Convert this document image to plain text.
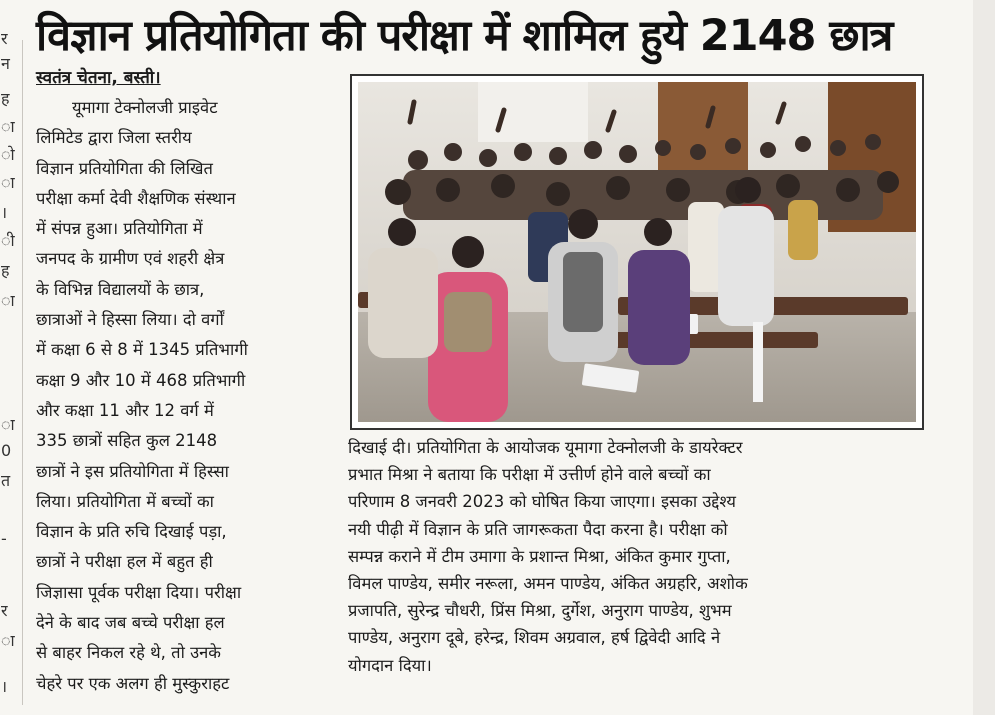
र
न
ह
ा
ो
ा
।
ी
ह
ा
ा
0
त
-
र
ा
।
विज्ञान प्रतियोगिता की परीक्षा में शामिल हुये 2148 छात्र
स्वतंत्र चेतना, बस्ती।
यूमागा टेक्नोलजी प्राइवेट
लिमिटेड द्वारा जिला स्तरीय
विज्ञान प्रतियोगिता की लिखित
परीक्षा कर्मा देवी शैक्षणिक संस्थान
में संपन्न हुआ। प्रतियोगिता में
जनपद के ग्रामीण एवं शहरी क्षेत्र
के विभिन्न विद्यालयों के छात्र,
छात्राओं ने हिस्सा लिया। दो वर्गों
में कक्षा 6 से 8 में 1345 प्रतिभागी
कक्षा 9 और 10 में 468 प्रतिभागी
और कक्षा 11 और 12 वर्ग में
335 छात्रों सहित कुल 2148
छात्रों ने इस प्रतियोगिता में हिस्सा
लिया। प्रतियोगिता में बच्चों का
विज्ञान के प्रति रुचि दिखाई पड़ा,
छात्रों ने परीक्षा हल में बहुत ही
जिज्ञासा पूर्वक परीक्षा दिया। परीक्षा
देने के बाद जब बच्चे परीक्षा हल
से बाहर निकल रहे थे, तो उनके
चेहरे पर एक अलग ही मुस्कुराहट
दिखाई दी। प्रतियोगिता के आयोजक यूमागा टेक्नोलजी के डायरेक्टर
प्रभात मिश्रा ने बताया कि परीक्षा में उत्तीर्ण होने वाले बच्चों का
परिणाम 8 जनवरी 2023 को घोषित किया जाएगा। इसका उद्देश्य
नयी पीढ़ी में विज्ञान के प्रति जागरूकता पैदा करना है। परीक्षा को
सम्पन्न कराने में टीम उमागा के प्रशान्त मिश्रा, अंकित कुमार गुप्ता,
विमल पाण्डेय, समीर नरूला, अमन पाण्डेय, अंकित अग्रहरि, अशोक
प्रजापति, सुरेन्द्र चौधरी, प्रिंस मिश्रा, दुर्गेश, अनुराग पाण्डेय, शुभम
पाण्डेय, अनुराग दूबे, हरेन्द्र, शिवम अग्रवाल, हर्ष द्विवेदी आदि ने
योगदान दिया।
